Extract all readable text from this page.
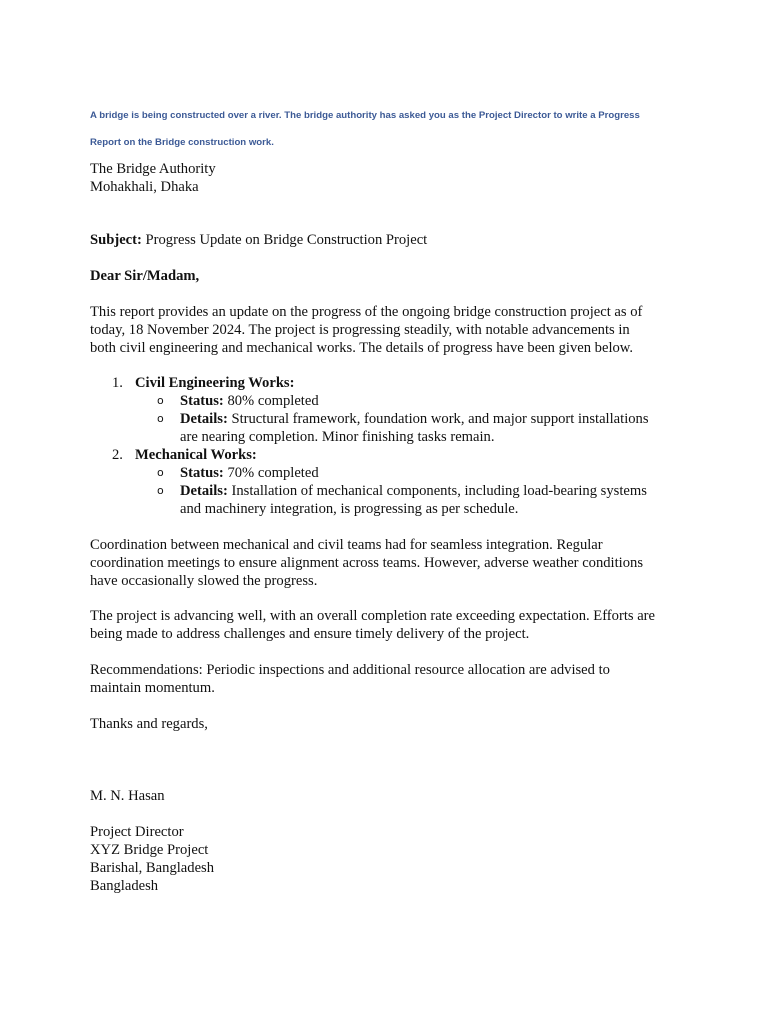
A bridge is being constructed over a river. The bridge authority has asked you as the Project Director to write a Progress
Report on the Bridge construction work.

The Bridge Authority

Mohakhali, Dhaka

Subject: Progress Update on Bridge Construction Project

Dear Sir/Madam,

This report provides an update on the progress of the ongoing bridge construction project as of

today, 18 November 2024. The project is progressing steadily, with notable advancements in

both civil engineering and mechanical works. The details of progress have been given below.

1. Civil Engineering Works:
o Status: 80% completed
o Details: Structural framework, foundation work, and major support installations
are nearing completion. Minor finishing tasks remain.
2. Mechanical Works:
o Status: 70% completed
o Details: Installation of mechanical components, including load-bearing systems
and machinery integration, is progressing as per schedule.

Coordination between mechanical and civil teams had for seamless integration. Regular

coordination meetings to ensure alignment across teams. However, adverse weather conditions

have occasionally slowed the progress.

The project is advancing well, with an overall completion rate exceeding expectation. Efforts are

being made to address challenges and ensure timely delivery of the project.

Recommendations: Periodic inspections and additional resource allocation are advised to

maintain momentum.

Thanks and regards,

M. N. Hasan

Project Director

XYZ Bridge Project

Barishal, Bangladesh

Bangladesh
